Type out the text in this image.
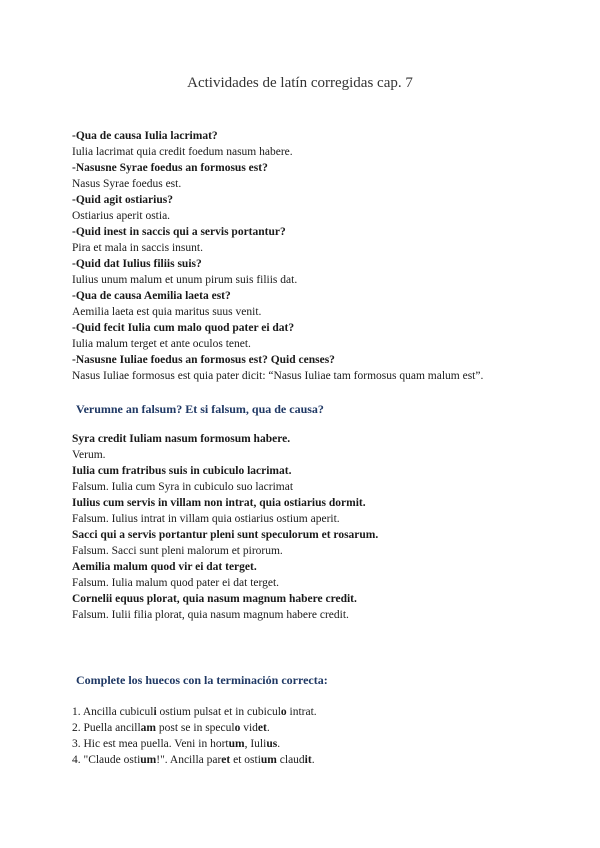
Actividades de latín corregidas cap. 7
-Qua de causa Iulia lacrimat?
Iulia lacrimat quia credit foedum nasum habere.
-Nasusne Syrae foedus an formosus est?
Nasus Syrae foedus est.
-Quid agit ostiarius?
Ostiarius aperit ostia.
-Quid inest in saccis qui a servis portantur?
Pira et mala in saccis insunt.
-Quid dat Iulius filiis suis?
Iulius unum malum et unum pirum suis filiis dat.
-Qua de causa Aemilia laeta est?
Aemilia laeta est quia maritus suus venit.
-Quid fecit Iulia cum malo quod pater ei dat?
Iulia malum terget et ante oculos tenet.
-Nasusne Iuliae foedus an formosus est? Quid censes?
Nasus Iuliae formosus est quia pater dicit: “Nasus Iuliae tam formosus quam malum est”.
Verumne an falsum? Et si falsum, qua de causa?
Syra credit Iuliam nasum formosum habere.
Verum.
Iulia cum fratribus suis in cubiculo lacrimat.
Falsum. Iulia cum Syra in cubiculo suo lacrimat
Iulius cum servis in villam non intrat, quia ostiarius dormit.
Falsum. Iulius intrat in villam quia ostiarius ostium aperit.
Sacci qui a servis portantur pleni sunt speculorum et rosarum.
Falsum. Sacci sunt pleni malorum et pirorum.
Aemilia malum quod vir ei dat terget.
Falsum. Iulia malum quod pater ei dat terget.
Cornelii equus plorat, quia nasum magnum habere credit.
Falsum. Iulii filia plorat, quia nasum magnum habere credit.
Complete los huecos con la terminación correcta:
1. Ancilla cubiculi ostium pulsat et in cubiculo intrat.
2. Puella ancillam post se in speculo videt.
3. Hic est mea puella. Veni in hortum, Iulius.
4. "Claude ostium!". Ancilla paret et ostium claudit.
